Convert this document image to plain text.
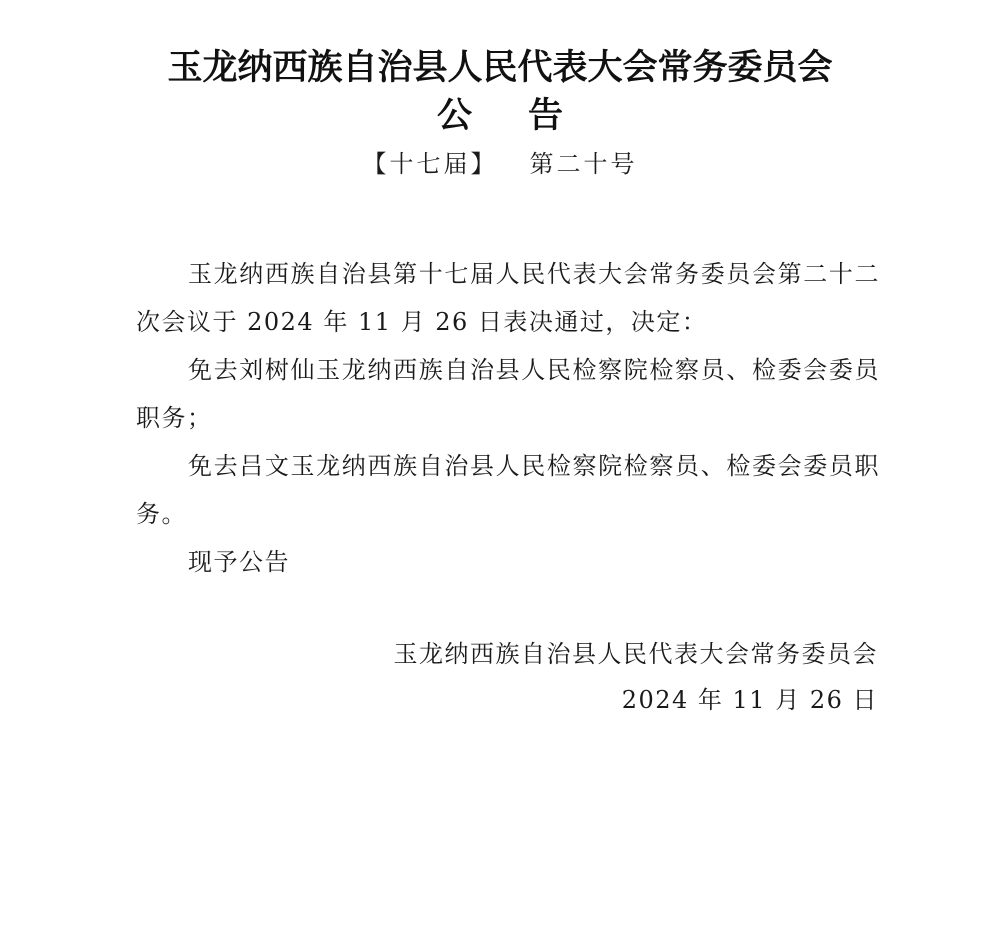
玉龙纳西族自治县人民代表大会常务委员会
公告
【十七届】 第二十号

玉龙纳西族自治县第十七届人民代表大会常务委员会第二十二次会议于 2024 年 11 月 26 日表决通过，决定：

免去刘树仙玉龙纳西族自治县人民检察院检察员、检委会委员职务；

免去吕文玉龙纳西族自治县人民检察院检察员、检委会委员职务。

现予公告

玉龙纳西族自治县人民代表大会常务委员会

2024 年 11 月 26 日
